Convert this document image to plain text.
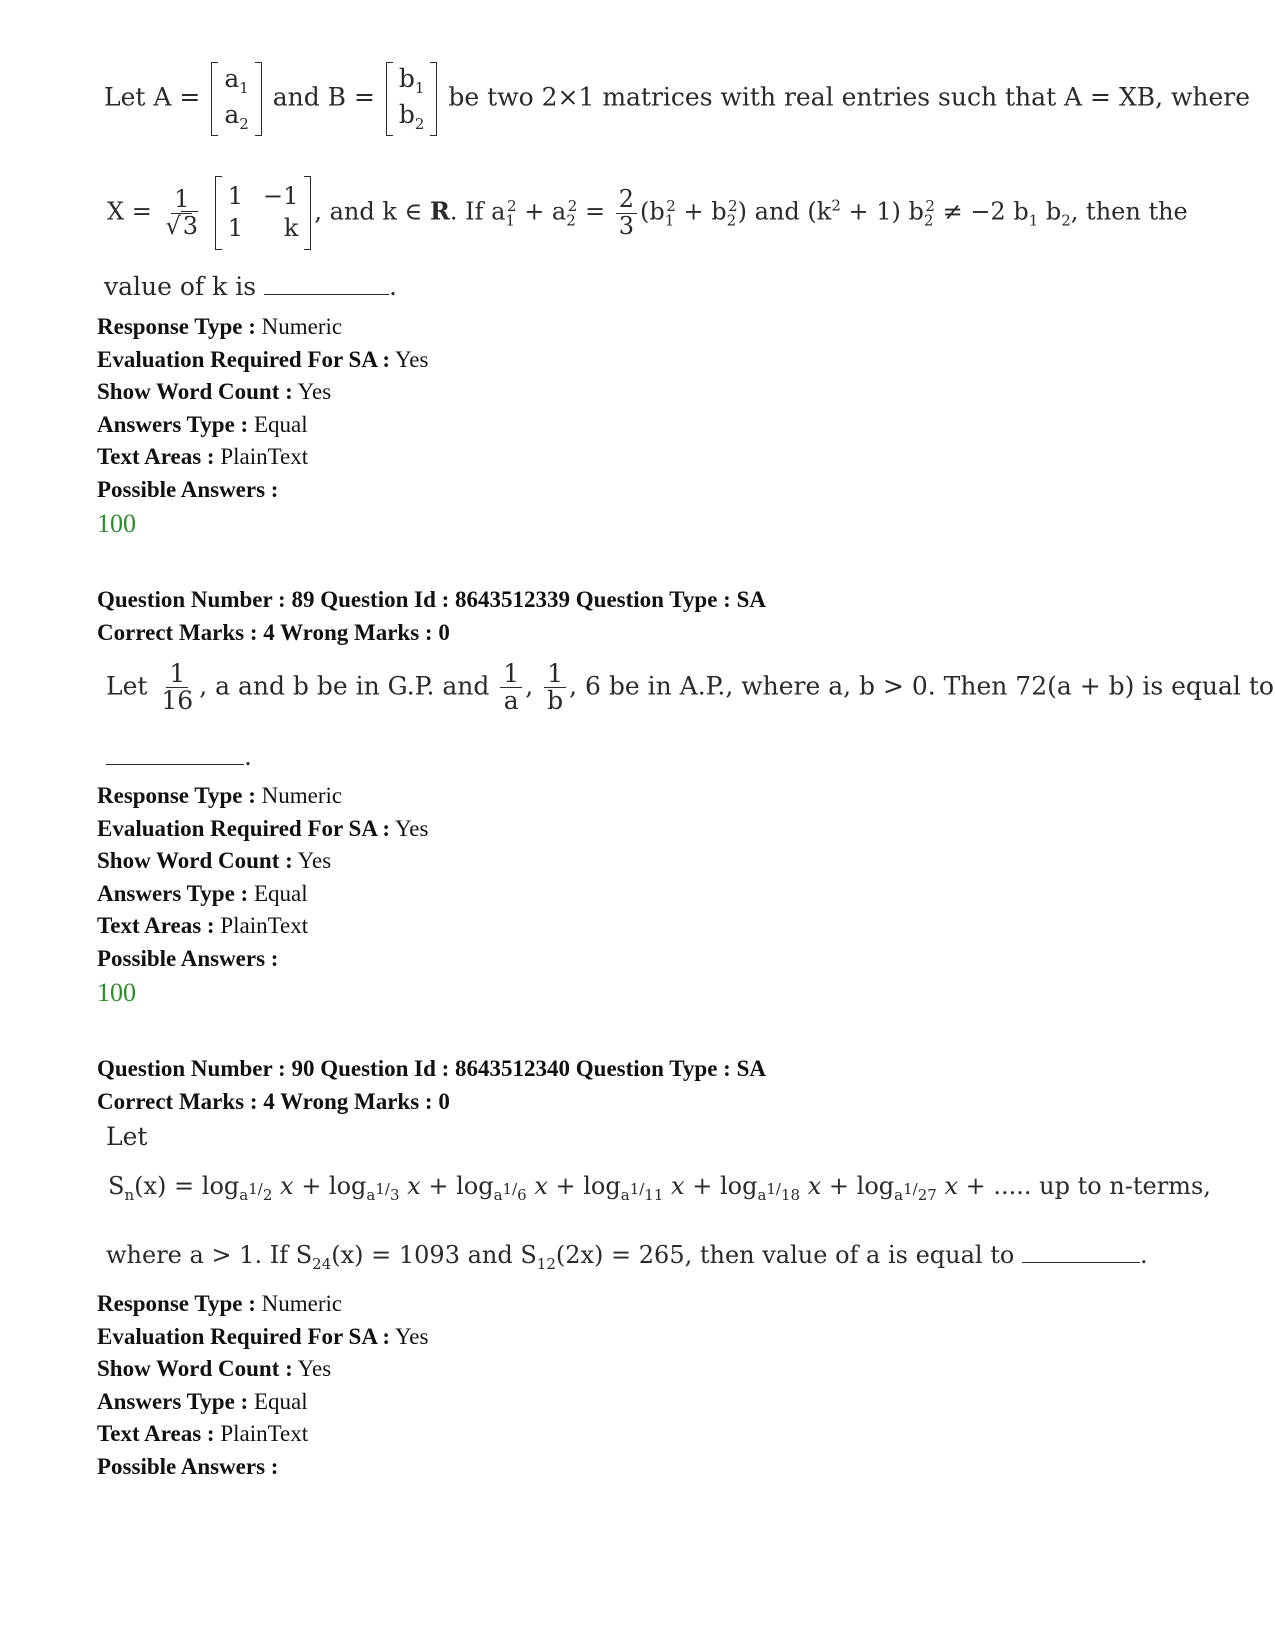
Let A =
$a_1$
$a_2$
and B =
$b_1$
$b_2$
be two 2×1 matrices with real entries such that A = XB, where
$X = \frac{1}{√3}$
1 −1
1	k
, and k ∈ R. If $a_1^2 + a_2^2 = \frac{2}{3} (b_1^2 + b_2^2)$ and $(k^2 + 1) b_2^2 \ne -2$ $b_1$ $b_2$, then the
value of k is	.
Response Type : Numeric
Evaluation Required For SA : Yes
Show Word Count : Yes
Answers Type : Equal
Text Areas : PlainText
Possible Answers :
100
Question Number : 89 Question Id : 8643512339 Question Type : SA
Correct Marks : 4 Wrong Marks : 0
Let $\frac{1}{16}$ , a and b be in G.P. and $\frac{1}{a}$ , $\frac{1}{b}$ , 6 be in A.P., where a, b > 0. Then 72(a + b) is equal to
.
Response Type : Numeric
Evaluation Required For SA : Yes
Show Word Count : Yes
Answers Type : Equal
Text Areas : PlainText
Possible Answers :
100
Question Number : 90 Question Id : 8643512340 Question Type : SA
Correct Marks : 4 Wrong Marks : 0
Let
$S_n(x) = \log_{a^{1/}2} x + \log_{a^{1/}3} x + \log_{a^{1/}6} x + \log_{a^{1/}11} x + \log_{a^{1/}18} x + \log_{a^{1/}27} x$ + ..... up to n-terms,
where a > 1. If $S_{24}(x) = 1093$ and $S_{12}(2x) = 265$, then value of a is equal to	.
Response Type : Numeric
Evaluation Required For SA : Yes
Show Word Count : Yes
Answers Type : Equal
Text Areas : PlainText
Possible Answers :
